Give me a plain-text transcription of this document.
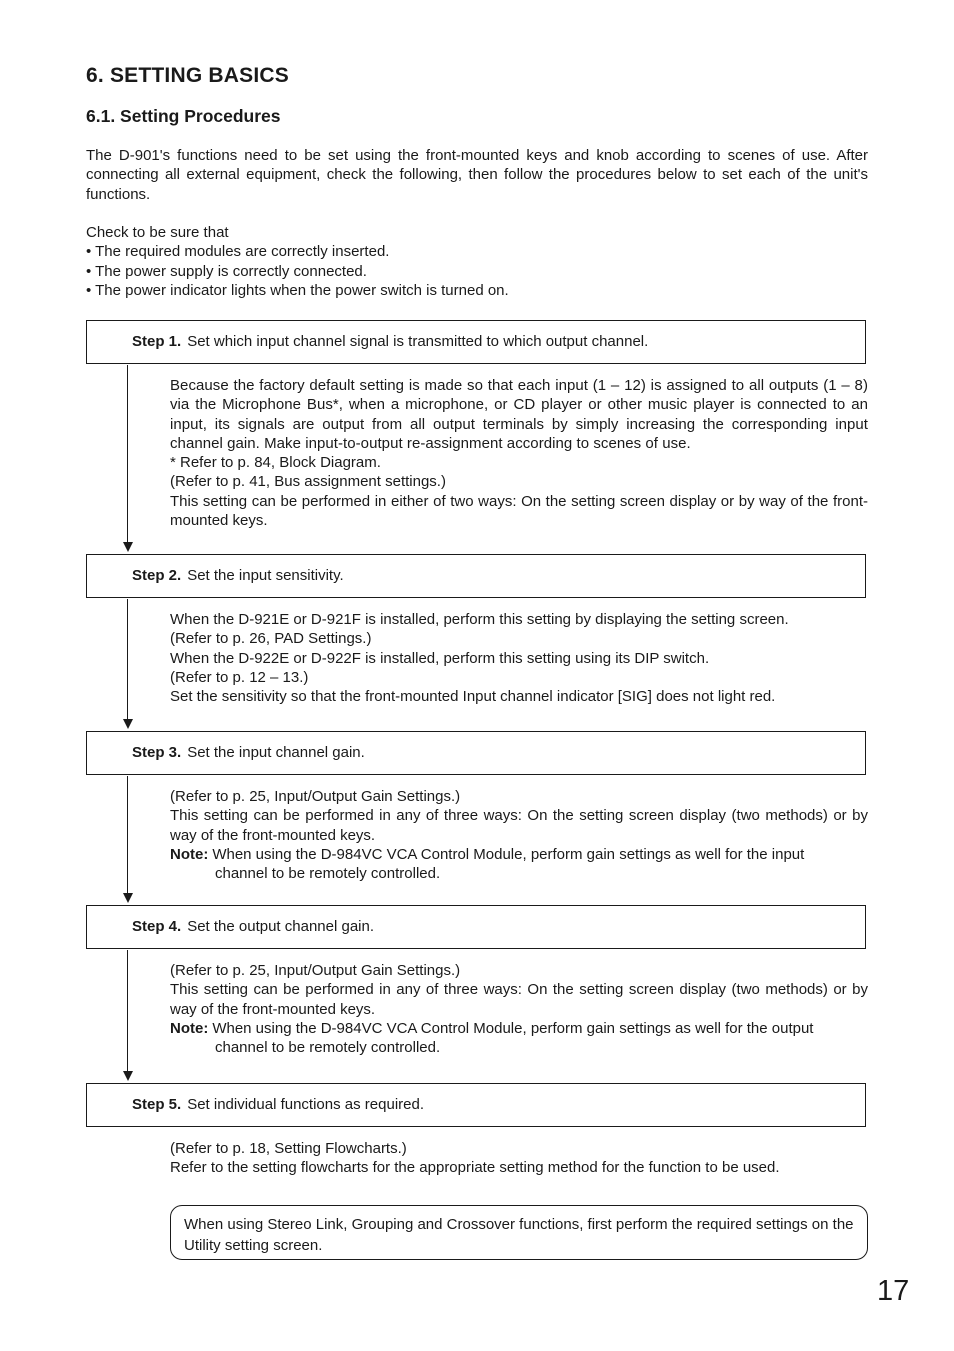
6. SETTING BASICS
6.1. Setting Procedures

The D-901's functions need to be set using the front-mounted keys and knob according to scenes of use. After connecting all external equipment, check the following, then follow the procedures below to set each of the unit's functions.

Check to be sure that
• The required modules are correctly inserted.
• The power supply is correctly connected.
• The power indicator lights when the power switch is turned on.
Step 1. Set which input channel signal is transmitted to which output channel.

Because the factory default setting is made so that each input (1 – 12) is assigned to all outputs (1 – 8) via the Microphone Bus*, when a microphone, or CD player or other music player is connected to an input, its signals are output from all output terminals by simply increasing the corresponding input channel gain. Make input-to-output re-assignment according to scenes of use.

* Refer to p. 84, Block Diagram.

(Refer to p. 41, Bus assignment settings.)

This setting can be performed in either of two ways: On the setting screen display or by way of the front-mounted keys.

Step 2. Set the input sensitivity.

When the D-921E or D-921F is installed, perform this setting by displaying the setting screen.

(Refer to p. 26, PAD Settings.)

When the D-922E or D-922F is installed, perform this setting using its DIP switch.

(Refer to p. 12 – 13.)

Set the sensitivity so that the front-mounted Input channel indicator [SIG] does not light red.

Step 3. Set the input channel gain.

(Refer to p. 25, Input/Output Gain Settings.)

This setting can be performed in any of three ways: On the setting screen display (two methods) or by way of the front-mounted keys.

Note: When using the D-984VC VCA Control Module, perform gain settings as well for the input

channel to be remotely controlled.

Step 4. Set the output channel gain.

(Refer to p. 25, Input/Output Gain Settings.)

This setting can be performed in any of three ways: On the setting screen display (two methods) or by way of the front-mounted keys.

Note: When using the D-984VC VCA Control Module, perform gain settings as well for the output

channel to be remotely controlled.

Step 5. Set individual functions as required.

(Refer to p. 18, Setting Flowcharts.)

Refer to the setting flowcharts for the appropriate setting method for the function to be used.

When using Stereo Link, Grouping and Crossover functions, first perform the required settings on the Utility setting screen.
17
